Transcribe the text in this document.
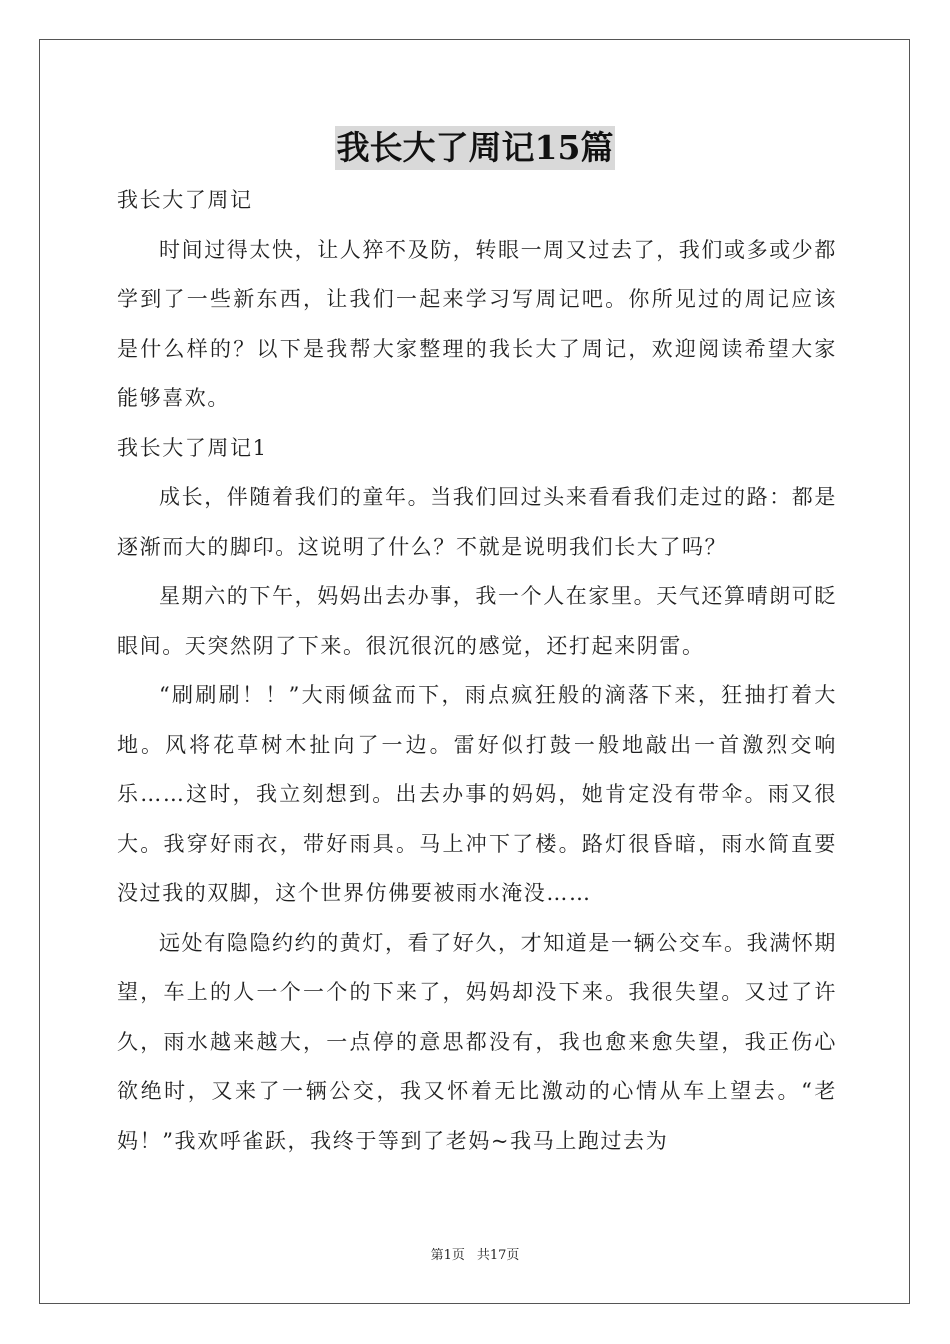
我长大了周记15篇

我长大了周记

时间过得太快，让人猝不及防，转眼一周又过去了，我们或多或少都学到了一些新东西，让我们一起来学习写周记吧。你所见过的周记应该是什么样的？以下是我帮大家整理的我长大了周记，欢迎阅读希望大家能够喜欢。

我长大了周记1

成长，伴随着我们的童年。当我们回过头来看看我们走过的路：都是逐渐而大的脚印。这说明了什么？不就是说明我们长大了吗？

星期六的下午，妈妈出去办事，我一个人在家里。天气还算晴朗可眨眼间。天突然阴了下来。很沉很沉的感觉，还打起来阴雷。

“刷刷刷！！”大雨倾盆而下，雨点疯狂般的滴落下来，狂抽打着大地。风将花草树木扯向了一边。雷好似打鼓一般地敲出一首激烈交响乐……这时，我立刻想到。出去办事的妈妈，她肯定没有带伞。雨又很大。我穿好雨衣，带好雨具。马上冲下了楼。路灯很昏暗，雨水简直要没过我的双脚，这个世界仿佛要被雨水淹没……

远处有隐隐约约的黄灯，看了好久，才知道是一辆公交车。我满怀期望，车上的人一个一个的下来了，妈妈却没下来。我很失望。又过了许久，雨水越来越大，一点停的意思都没有，我也愈来愈失望，我正伤心欲绝时，又来了一辆公交，我又怀着无比激动的心情从车上望去。“老妈！”我欢呼雀跃，我终于等到了老妈~我马上跑过去为

第1页 共17页
